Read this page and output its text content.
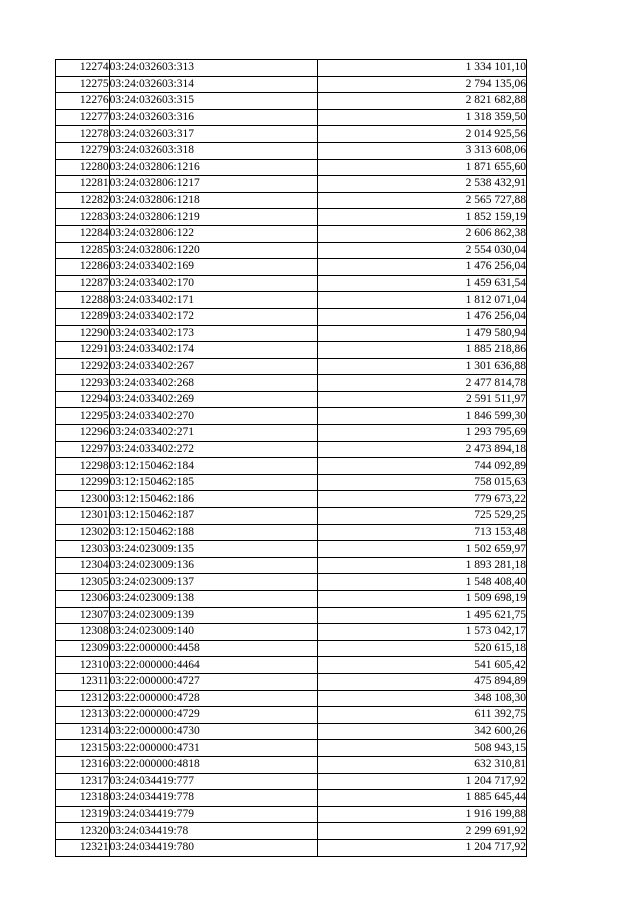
12274	03:24:032603:313	1 334 101,10
12275	03:24:032603:314	2 794 135,06
12276	03:24:032603:315	2 821 682,88
12277	03:24:032603:316	1 318 359,50
12278	03:24:032603:317	2 014 925,56
12279	03:24:032603:318	3 313 608,06
12280	03:24:032806:1216	1 871 655,60
12281	03:24:032806:1217	2 538 432,91
12282	03:24:032806:1218	2 565 727,88
12283	03:24:032806:1219	1 852 159,19
12284	03:24:032806:122	2 606 862,38
12285	03:24:032806:1220	2 554 030,04
12286	03:24:033402:169	1 476 256,04
12287	03:24:033402:170	1 459 631,54
12288	03:24:033402:171	1 812 071,04
12289	03:24:033402:172	1 476 256,04
12290	03:24:033402:173	1 479 580,94
12291	03:24:033402:174	1 885 218,86
12292	03:24:033402:267	1 301 636,88
12293	03:24:033402:268	2 477 814,78
12294	03:24:033402:269	2 591 511,97
12295	03:24:033402:270	1 846 599,30
12296	03:24:033402:271	1 293 795,69
12297	03:24:033402:272	2 473 894,18
12298	03:12:150462:184	744 092,89
12299	03:12:150462:185	758 015,63
12300	03:12:150462:186	779 673,22
12301	03:12:150462:187	725 529,25
12302	03:12:150462:188	713 153,48
12303	03:24:023009:135	1 502 659,97
12304	03:24:023009:136	1 893 281,18
12305	03:24:023009:137	1 548 408,40
12306	03:24:023009:138	1 509 698,19
12307	03:24:023009:139	1 495 621,75
12308	03:24:023009:140	1 573 042,17
12309	03:22:000000:4458	520 615,18
12310	03:22:000000:4464	541 605,42
12311	03:22:000000:4727	475 894,89
12312	03:22:000000:4728	348 108,30
12313	03:22:000000:4729	611 392,75
12314	03:22:000000:4730	342 600,26
12315	03:22:000000:4731	508 943,15
12316	03:22:000000:4818	632 310,81
12317	03:24:034419:777	1 204 717,92
12318	03:24:034419:778	1 885 645,44
12319	03:24:034419:779	1 916 199,88
12320	03:24:034419:78	2 299 691,92
12321	03:24:034419:780	1 204 717,92
